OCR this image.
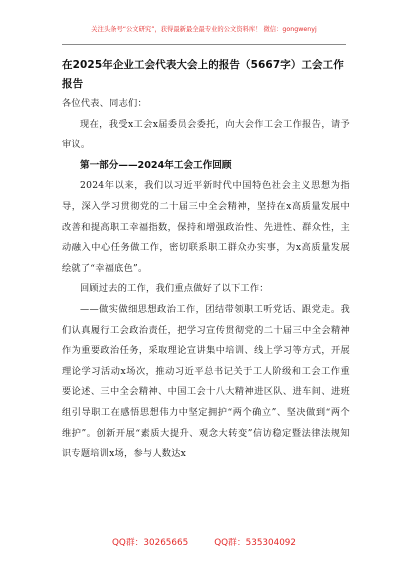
关注头条号“公文研究”，获得最新最全最专业的公文资料库！ 微信：gongwenyj
在2025年企业工会代表大会上的报告（5667字）工会工作报告

各位代表、同志们：

现在，我受x工会x届委员会委托，向大会作工会工作报告，请予审议。

第一部分——2024年工会工作回顾

2024年以来，我们以习近平新时代中国特色社会主义思想为指导，深入学习贯彻党的二十届三中全会精神，坚持在x高质量发展中改善和提高职工幸福指数，保持和增强政治性、先进性、群众性，主动融入中心任务做工作，密切联系职工群众办实事，为x高质量发展绘就了“幸福底色”。

回顾过去的工作，我们重点做好了以下工作：

——做实做细思想政治工作，团结带领职工听党话、跟党走。我们认真履行工会政治责任，把学习宣传贯彻党的二十届三中全会精神作为重要政治任务，采取理论宣讲集中培训、线上学习等方式，开展理论学习活动x场次，推动习近平总书记关于工人阶级和工会工作重要论述、三中全会精神、中国工会十八大精神进区队、进车间、进班组引导职工在感悟思想伟力中坚定拥护“两个确立”、坚决做到“两个维护”。创新开展“素质大提升、观念大转变”信访稳定暨法律法规知识专题培训x场，参与人数达x

QQ群：30265665	QQ群：535304092
